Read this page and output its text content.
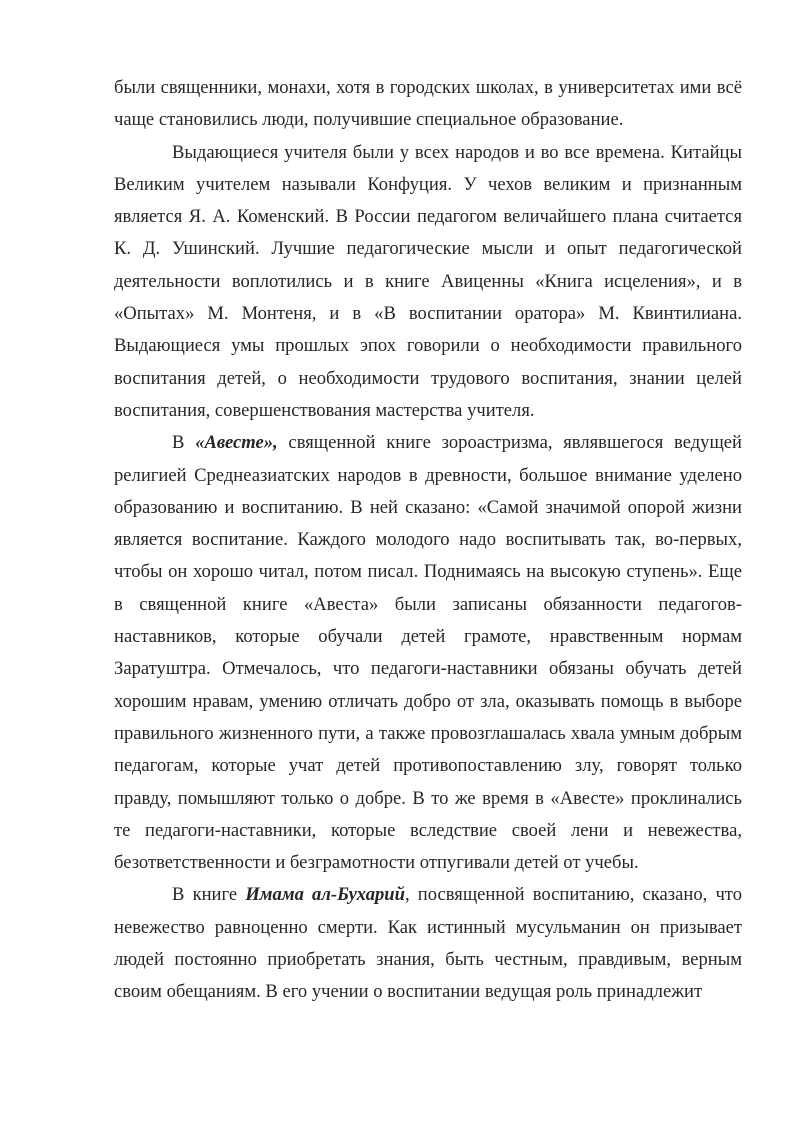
были священники, монахи, хотя в городских школах, в университетах ими всё чаще становились люди, получившие специальное образование.

Выдающиеся учителя были у всех народов и во все времена. Китайцы Великим учителем называли Конфуция. У чехов великим и признанным является Я. А. Коменский. В России педагогом величайшего плана считается К. Д. Ушинский. Лучшие педагогические мысли и опыт педагогической деятельности воплотились и в книге Авиценны «Книга исцеления», и в «Опытах» М. Монтеня, и в «В воспитании оратора» М. Квинтилиана. Выдающиеся умы прошлых эпох говорили о необходимости правильного воспитания детей, о необходимости трудового воспитания, знании целей воспитания, совершенствования мастерства учителя.

В «Авесте», священной книге зороастризма, являвшегося ведущей религией Среднеазиатских народов в древности, большое внимание уделено образованию и воспитанию. В ней сказано: «Самой значимой опорой жизни является воспитание. Каждого молодого надо воспитывать так, во-первых, чтобы он хорошо читал, потом писал. Поднимаясь на высокую ступень». Еще в священной книге «Авеста» были записаны обязанности педагогов-наставников, которые обучали детей грамоте, нравственным нормам Заратуштра. Отмечалось, что педагоги-наставники обязаны обучать детей хорошим нравам, умению отличать добро от зла, оказывать помощь в выборе правильного жизненного пути, а также провозглашалась хвала умным добрым педагогам, которые учат детей противопоставлению злу, говорят только правду, помышляют только о добре. В то же время в «Авесте» проклинались те педагоги-наставники, которые вследствие своей лени и невежества, безответственности и безграмотности отпугивали детей от учебы.

В книге Имама ал-Бухарий, посвященной воспитанию, сказано, что невежество равноценно смерти. Как истинный мусульманин он призывает людей постоянно приобретать знания, быть честным, правдивым, верным своим обещаниям. В его учении о воспитании ведущая роль принадлежит
